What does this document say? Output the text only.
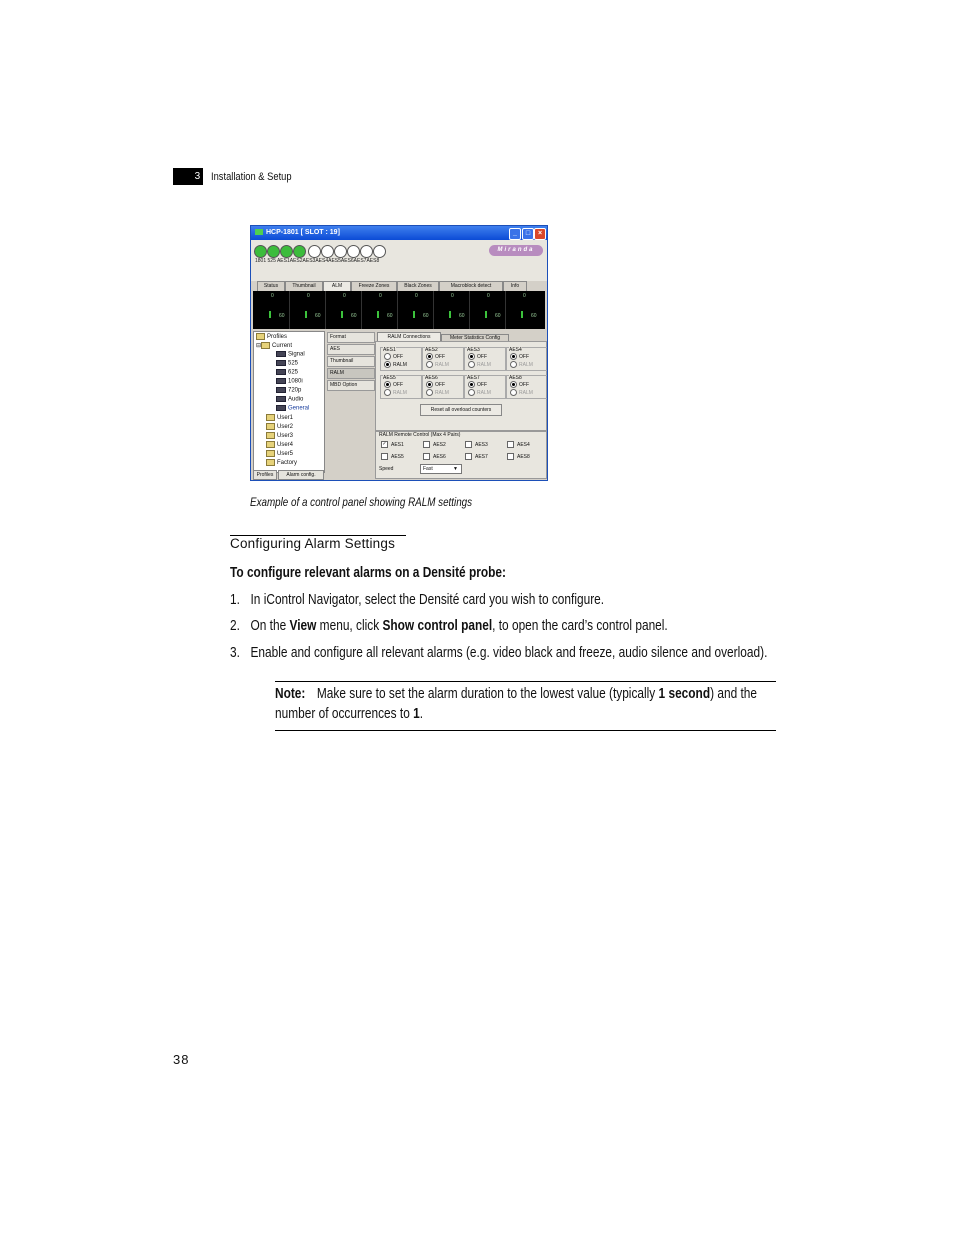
3 Installation & Setup
HCP-1801 [ SLOT : 19]	_	□	×
1801 525 AES1AES2AES3AES4AES5AES6AES7AES8
Miranda
Status	Thumbnail	ALM	Freeze Zones	Black Zones	Macroblock detect	Info
0	0	0	0	0	0	0	0
60	60	60	60	60	60	60	60
Profiles
⊟ Current
Signal
525
625
1080i
720p
Audio
General
User1
User2
User3
User4
User5
Factory
Profiles	Alarm config.
Format
AES
Thumbnail
RALM
MBD Option
RALM Connections	Meter Statistics Config
AES1
OFF
RALM
AES2
OFF
RALM
AES3
OFF
RALM
AES4
OFF
RALM
AES5
OFF
RALM
AES6
OFF
RALM
AES7
OFF
RALM
AES8
OFF
RALM
Reset all overload counters
RALM Remote Control (Max 4 Pairs)
✓ AES1	AES2	AES3	AES4
AES5	AES6	AES7	AES8
Speed	Fast	▼
Example of a control panel showing RALM settings
Configuring Alarm Settings
To configure relevant alarms on a Densité probe:
1. In iControl Navigator, select the Densité card you wish to configure.
2. On the View menu, click Show control panel, to open the card’s control panel.
3. Enable and configure all relevant alarms (e.g. video black and freeze, audio silence and overload).
Note: Make sure to set the alarm duration to the lowest value (typically 1 second) and the number of occurrences to 1.
38
